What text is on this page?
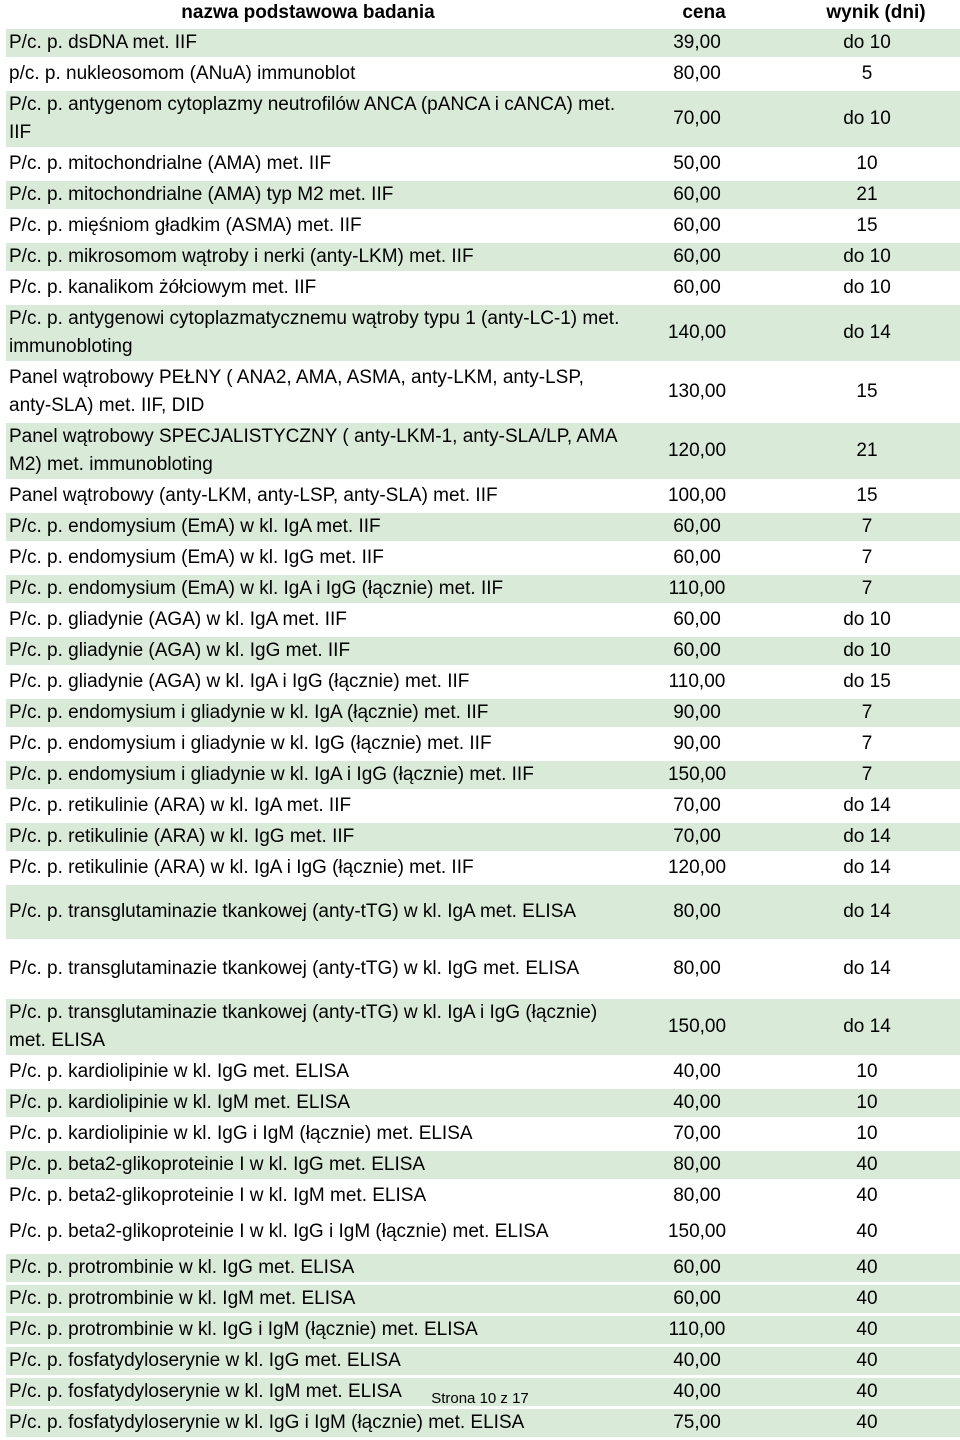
nazwa podstawowa badania	cena	wynik (dni)
P/c. p. dsDNA met. IIF	39,00	do 10
p/c. p. nukleosomom (ANuA) immunoblot	80,00	5
P/c. p. antygenom cytoplazmy neutrofilów ANCA (pANCA i cANCA) met. IIF	70,00	do 10
P/c. p. mitochondrialne (AMA) met. IIF	50,00	10
P/c. p. mitochondrialne (AMA) typ M2 met. IIF	60,00	21
P/c. p. mięśniom gładkim (ASMA) met. IIF	60,00	15
P/c. p. mikrosomom wątroby i nerki (anty-LKM) met. IIF	60,00	do 10
P/c. p. kanalikom żółciowym met. IIF	60,00	do 10
P/c. p. antygenowi cytoplazmatycznemu wątroby typu 1 (anty-LC-1) met. immunobloting	140,00	do 14
Panel wątrobowy PEŁNY ( ANA2, AMA, ASMA, anty-LKM, anty-LSP, anty-SLA) met. IIF, DID	130,00	15
Panel wątrobowy SPECJALISTYCZNY ( anty-LKM-1, anty-SLA/LP, AMA M2) met. immunobloting	120,00	21
Panel wątrobowy (anty-LKM, anty-LSP, anty-SLA) met. IIF	100,00	15
P/c. p. endomysium (EmA) w kl. IgA met. IIF	60,00	7
P/c. p. endomysium (EmA) w kl. IgG met. IIF	60,00	7
P/c. p. endomysium (EmA) w kl. IgA i IgG (łącznie) met. IIF	110,00	7
P/c. p. gliadynie (AGA) w kl. IgA met. IIF	60,00	do 10
P/c. p. gliadynie (AGA) w kl. IgG met. IIF	60,00	do 10
P/c. p. gliadynie (AGA) w kl. IgA i IgG (łącznie) met. IIF	110,00	do 15
P/c. p. endomysium i gliadynie w kl. IgA (łącznie) met. IIF	90,00	7
P/c. p. endomysium i gliadynie w kl. IgG (łącznie) met. IIF	90,00	7
P/c. p. endomysium i gliadynie w kl. IgA i IgG (łącznie) met. IIF	150,00	7
P/c. p. retikulinie (ARA) w kl. IgA met. IIF	70,00	do 14
P/c. p. retikulinie (ARA) w kl. IgG met. IIF	70,00	do 14
P/c. p. retikulinie (ARA) w kl. IgA i IgG (łącznie) met. IIF	120,00	do 14
P/c. p. transglutaminazie tkankowej (anty-tTG) w kl. IgA met. ELISA	80,00	do 14
P/c. p. transglutaminazie tkankowej (anty-tTG) w kl. IgG met. ELISA	80,00	do 14
P/c. p. transglutaminazie tkankowej (anty-tTG) w kl. IgA i IgG (łącznie) met. ELISA	150,00	do 14
P/c. p. kardiolipinie w kl. IgG met. ELISA	40,00	10
P/c. p. kardiolipinie w kl. IgM met. ELISA	40,00	10
P/c. p. kardiolipinie w kl. IgG i IgM (łącznie) met. ELISA	70,00	10
P/c. p. beta2-glikoproteinie I w kl. IgG met. ELISA	80,00	40
P/c. p. beta2-glikoproteinie I w kl. IgM met. ELISA	80,00	40
P/c. p. beta2-glikoproteinie I w kl. IgG i IgM (łącznie) met. ELISA	150,00	40
P/c. p. protrombinie w kl. IgG met. ELISA	60,00	40
P/c. p. protrombinie w kl. IgM met. ELISA	60,00	40
P/c. p. protrombinie w kl. IgG i IgM (łącznie) met. ELISA	110,00	40
P/c. p. fosfatydyloserynie w kl. IgG met. ELISA	40,00	40
P/c. p. fosfatydyloserynie w kl. IgM met. ELISA	40,00	40
P/c. p. fosfatydyloserynie w kl. IgG i IgM (łącznie) met. ELISA	75,00	40
Strona 10 z 17
